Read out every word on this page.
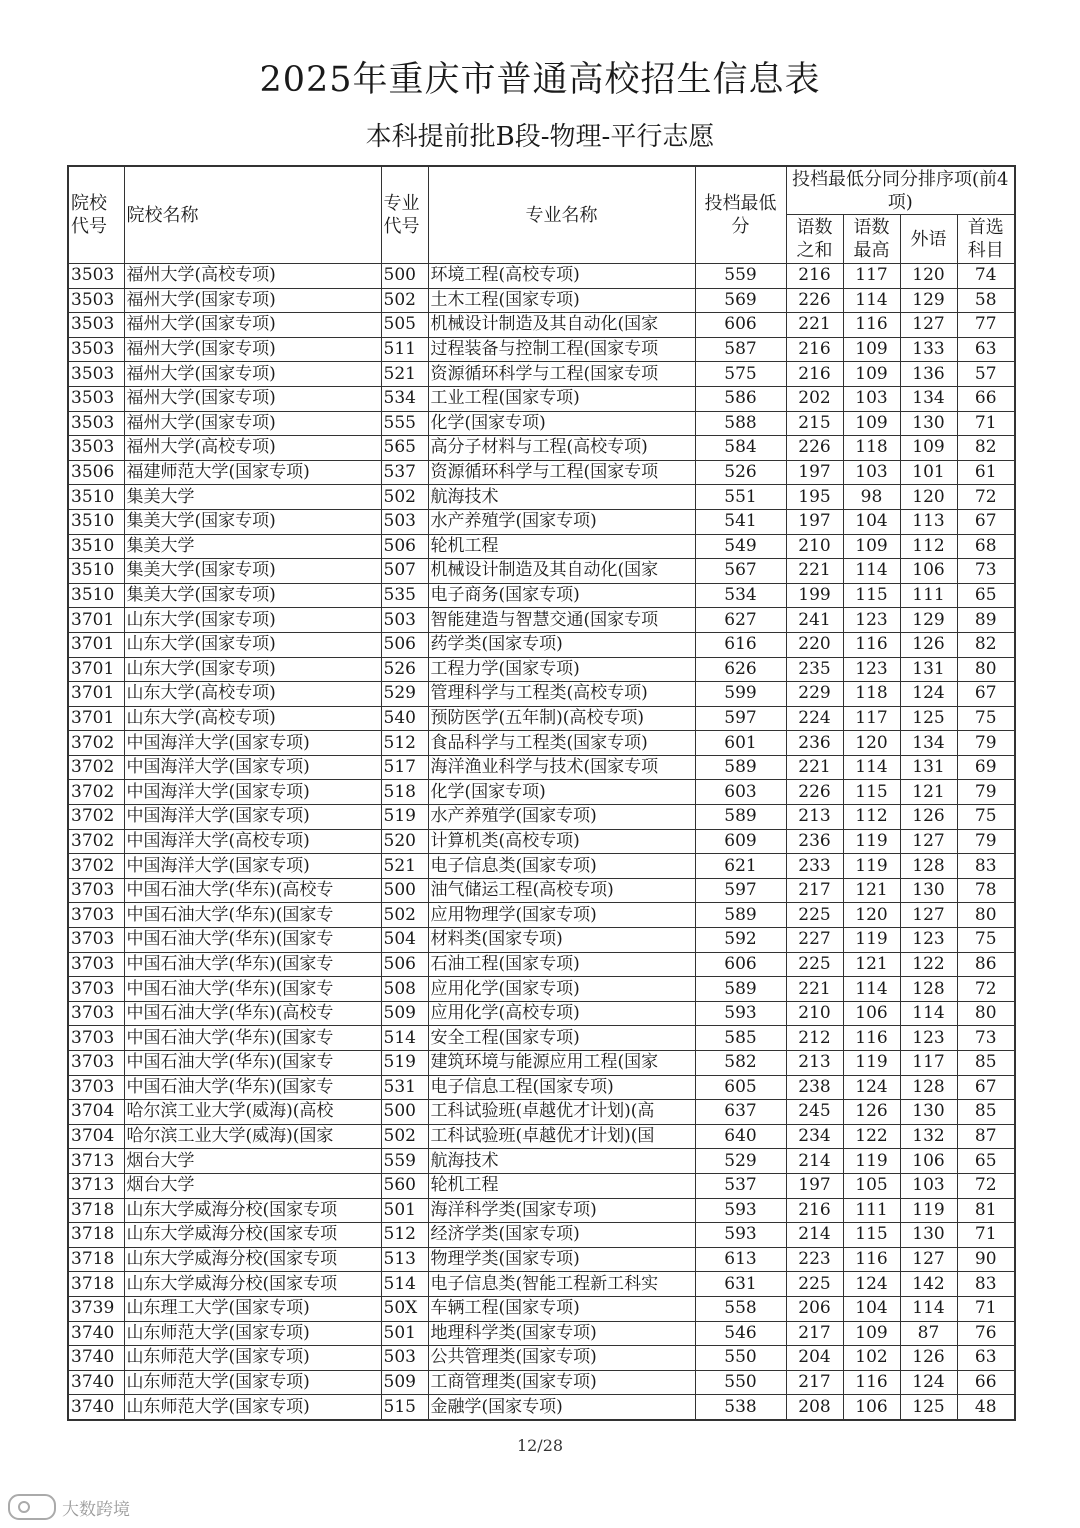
2025年重庆市普通高校招生信息表
本科提前批B段-物理-平行志愿
院校代号	院校名称	专业代号	专业名称	投档最低分	投档最低分同分排序项(前4项)			
					语数之和	语数最高	外语	首选科目
3503	福州大学(高校专项)	500	环境工程(高校专项)	559	216	117	120	74
3503	福州大学(国家专项)	502	土木工程(国家专项)	569	226	114	129	58
3503	福州大学(国家专项)	505	机械设计制造及其自动化(国家	606	221	116	127	77
3503	福州大学(国家专项)	511	过程装备与控制工程(国家专项	587	216	109	133	63
3503	福州大学(国家专项)	521	资源循环科学与工程(国家专项	575	216	109	136	57
3503	福州大学(国家专项)	534	工业工程(国家专项)	586	202	103	134	66
3503	福州大学(国家专项)	555	化学(国家专项)	588	215	109	130	71
3503	福州大学(高校专项)	565	高分子材料与工程(高校专项)	584	226	118	109	82
3506	福建师范大学(国家专项)	537	资源循环科学与工程(国家专项	526	197	103	101	61
3510	集美大学	502	航海技术	551	195	98	120	72
3510	集美大学(国家专项)	503	水产养殖学(国家专项)	541	197	104	113	67
3510	集美大学	506	轮机工程	549	210	109	112	68
3510	集美大学(国家专项)	507	机械设计制造及其自动化(国家	567	221	114	106	73
3510	集美大学(国家专项)	535	电子商务(国家专项)	534	199	115	111	65
3701	山东大学(国家专项)	503	智能建造与智慧交通(国家专项	627	241	123	129	89
3701	山东大学(国家专项)	506	药学类(国家专项)	616	220	116	126	82
3701	山东大学(国家专项)	526	工程力学(国家专项)	626	235	123	131	80
3701	山东大学(高校专项)	529	管理科学与工程类(高校专项)	599	229	118	124	67
3701	山东大学(高校专项)	540	预防医学(五年制)(高校专项)	597	224	117	125	75
3702	中国海洋大学(国家专项)	512	食品科学与工程类(国家专项)	601	236	120	134	79
3702	中国海洋大学(国家专项)	517	海洋渔业科学与技术(国家专项	589	221	114	131	69
3702	中国海洋大学(国家专项)	518	化学(国家专项)	603	226	115	121	79
3702	中国海洋大学(国家专项)	519	水产养殖学(国家专项)	589	213	112	126	75
3702	中国海洋大学(高校专项)	520	计算机类(高校专项)	609	236	119	127	79
3702	中国海洋大学(国家专项)	521	电子信息类(国家专项)	621	233	119	128	83
3703	中国石油大学(华东)(高校专	500	油气储运工程(高校专项)	597	217	121	130	78
3703	中国石油大学(华东)(国家专	502	应用物理学(国家专项)	589	225	120	127	80
3703	中国石油大学(华东)(国家专	504	材料类(国家专项)	592	227	119	123	75
3703	中国石油大学(华东)(国家专	506	石油工程(国家专项)	606	225	121	122	86
3703	中国石油大学(华东)(国家专	508	应用化学(国家专项)	589	221	114	128	72
3703	中国石油大学(华东)(高校专	509	应用化学(高校专项)	593	210	106	114	80
3703	中国石油大学(华东)(国家专	514	安全工程(国家专项)	585	212	116	123	73
3703	中国石油大学(华东)(国家专	519	建筑环境与能源应用工程(国家	582	213	119	117	85
3703	中国石油大学(华东)(国家专	531	电子信息工程(国家专项)	605	238	124	128	67
3704	哈尔滨工业大学(威海)(高校	500	工科试验班(卓越优才计划)(高	637	245	126	130	85
3704	哈尔滨工业大学(威海)(国家	502	工科试验班(卓越优才计划)(国	640	234	122	132	87
3713	烟台大学	559	航海技术	529	214	119	106	65
3713	烟台大学	560	轮机工程	537	197	105	103	72
3718	山东大学威海分校(国家专项	501	海洋科学类(国家专项)	593	216	111	119	81
3718	山东大学威海分校(国家专项	512	经济学类(国家专项)	593	214	115	130	71
3718	山东大学威海分校(国家专项	513	物理学类(国家专项)	613	223	116	127	90
3718	山东大学威海分校(国家专项	514	电子信息类(智能工程新工科实	631	225	124	142	83
3739	山东理工大学(国家专项)	50X	车辆工程(国家专项)	558	206	104	114	71
3740	山东师范大学(国家专项)	501	地理科学类(国家专项)	546	217	109	87	76
3740	山东师范大学(国家专项)	503	公共管理类(国家专项)	550	204	102	126	63
3740	山东师范大学(国家专项)	509	工商管理类(国家专项)	550	217	116	124	66
3740	山东师范大学(国家专项)	515	金融学(国家专项)	538	208	106	125	48
12/28
大数跨境
